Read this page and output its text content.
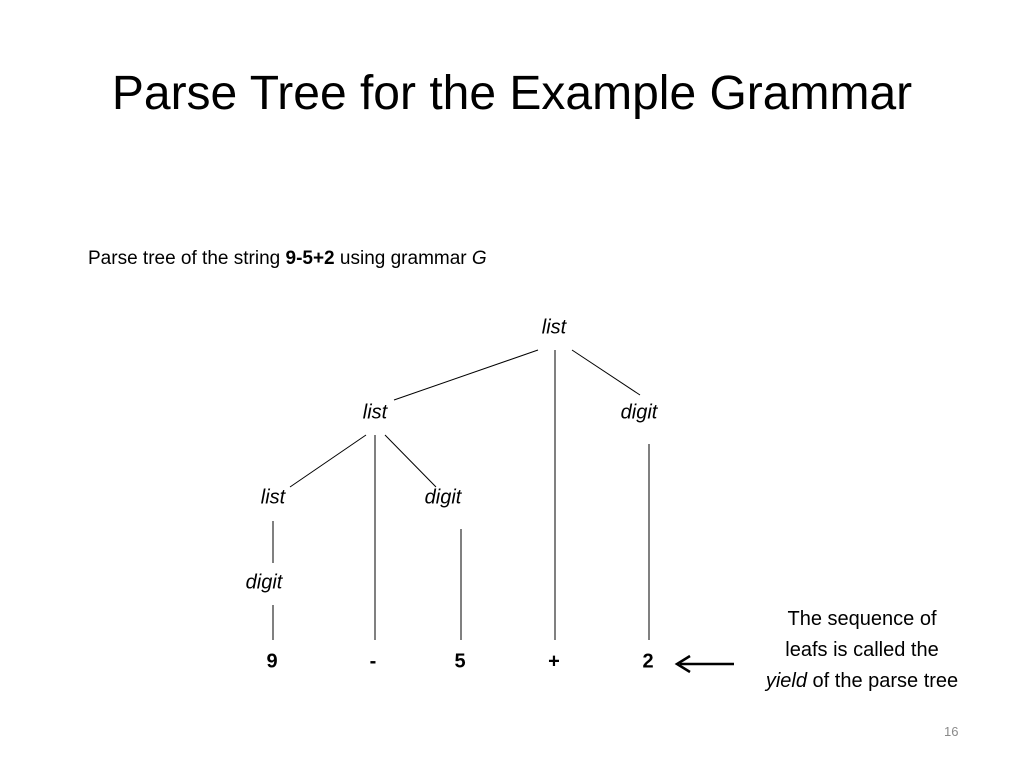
Parse Tree for the Example Grammar
Parse tree of the string 9-5+2 using grammar G
list
list	digit
list	digit
digit
9	-	5	+	2
The sequence of
leafs is called the
yield of the parse tree
16
